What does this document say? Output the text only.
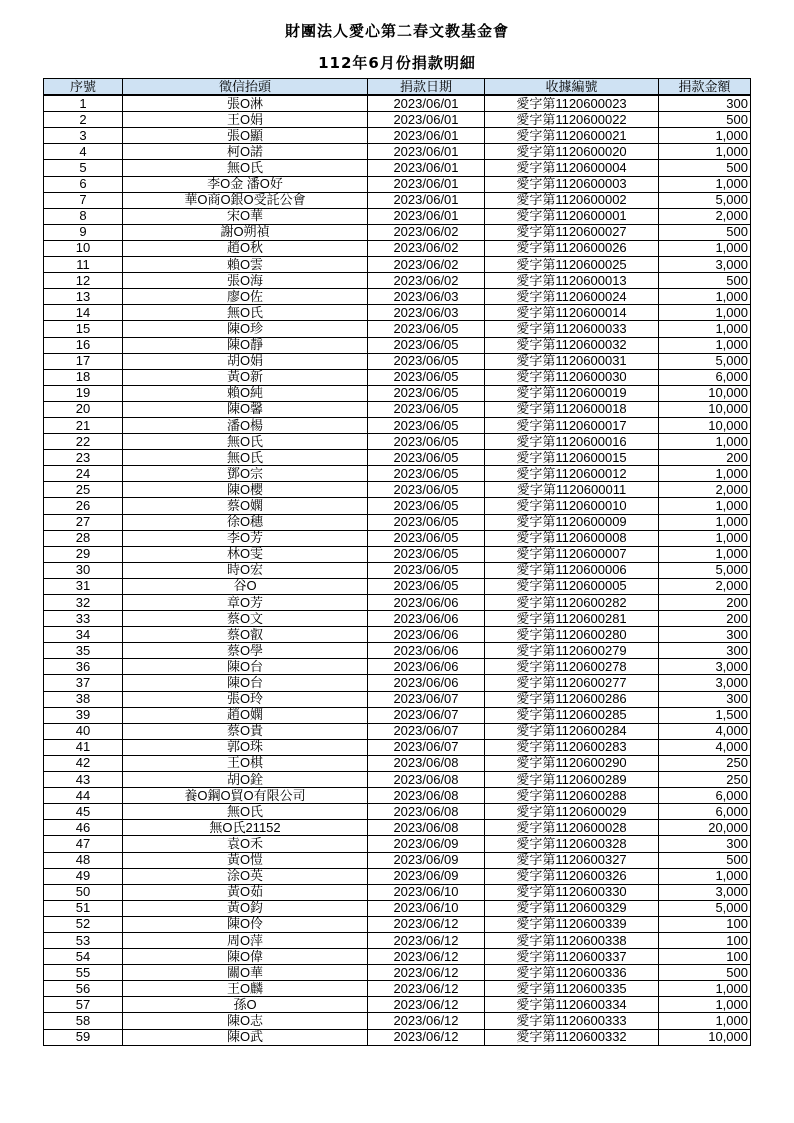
財團法人愛心第二春文教基金會
112年6月份捐款明細
序號	徵信抬頭	捐款日期	收據編號	捐款金額
1	張O淋	2023/06/01	愛字第1120600023	300
2	王O娟	2023/06/01	愛字第1120600022	500
3	張O顯	2023/06/01	愛字第1120600021	1,000
4	柯O諾	2023/06/01	愛字第1120600020	1,000
5	無O氏	2023/06/01	愛字第1120600004	500
6	李O金 潘O好	2023/06/01	愛字第1120600003	1,000
7	華O商O銀O受託公會	2023/06/01	愛字第1120600002	5,000
8	宋O華	2023/06/01	愛字第1120600001	2,000
9	謝O朔禎	2023/06/02	愛字第1120600027	500
10	趙O秋	2023/06/02	愛字第1120600026	1,000
11	賴O雲	2023/06/02	愛字第1120600025	3,000
12	張O海	2023/06/02	愛字第1120600013	500
13	廖O佐	2023/06/03	愛字第1120600024	1,000
14	無O氏	2023/06/03	愛字第1120600014	1,000
15	陳O珍	2023/06/05	愛字第1120600033	1,000
16	陳O靜	2023/06/05	愛字第1120600032	1,000
17	胡O娟	2023/06/05	愛字第1120600031	5,000
18	黃O新	2023/06/05	愛字第1120600030	6,000
19	賴O純	2023/06/05	愛字第1120600019	10,000
20	陳O馨	2023/06/05	愛字第1120600018	10,000
21	潘O楊	2023/06/05	愛字第1120600017	10,000
22	無O氏	2023/06/05	愛字第1120600016	1,000
23	無O氏	2023/06/05	愛字第1120600015	200
24	鄧O宗	2023/06/05	愛字第1120600012	1,000
25	陳O櫻	2023/06/05	愛字第1120600011	2,000
26	蔡O嫻	2023/06/05	愛字第1120600010	1,000
27	徐O穗	2023/06/05	愛字第1120600009	1,000
28	李O芳	2023/06/05	愛字第1120600008	1,000
29	林O雯	2023/06/05	愛字第1120600007	1,000
30	時O宏	2023/06/05	愛字第1120600006	5,000
31	谷O	2023/06/05	愛字第1120600005	2,000
32	章O芳	2023/06/06	愛字第1120600282	200
33	蔡O文	2023/06/06	愛字第1120600281	200
34	蔡O叡	2023/06/06	愛字第1120600280	300
35	蔡O學	2023/06/06	愛字第1120600279	300
36	陳O台	2023/06/06	愛字第1120600278	3,000
37	陳O台	2023/06/06	愛字第1120600277	3,000
38	張O玲	2023/06/07	愛字第1120600286	300
39	趙O嫻	2023/06/07	愛字第1120600285	1,500
40	蔡O貴	2023/06/07	愛字第1120600284	4,000
41	郭O珠	2023/06/07	愛字第1120600283	4,000
42	王O棋	2023/06/08	愛字第1120600290	250
43	胡O銓	2023/06/08	愛字第1120600289	250
44	養O鋼O貿O有限公司	2023/06/08	愛字第1120600288	6,000
45	無O氏	2023/06/08	愛字第1120600029	6,000
46	無O氏21152	2023/06/08	愛字第1120600028	20,000
47	袁O禾	2023/06/09	愛字第1120600328	300
48	黃O愷	2023/06/09	愛字第1120600327	500
49	涂O英	2023/06/09	愛字第1120600326	1,000
50	黃O茹	2023/06/10	愛字第1120600330	3,000
51	黃O鈞	2023/06/10	愛字第1120600329	5,000
52	陳O伶	2023/06/12	愛字第1120600339	100
53	周O萍	2023/06/12	愛字第1120600338	100
54	陳O偉	2023/06/12	愛字第1120600337	100
55	關O華	2023/06/12	愛字第1120600336	500
56	王O麟	2023/06/12	愛字第1120600335	1,000
57	孫O	2023/06/12	愛字第1120600334	1,000
58	陳O志	2023/06/12	愛字第1120600333	1,000
59	陳O武	2023/06/12	愛字第1120600332	10,000
